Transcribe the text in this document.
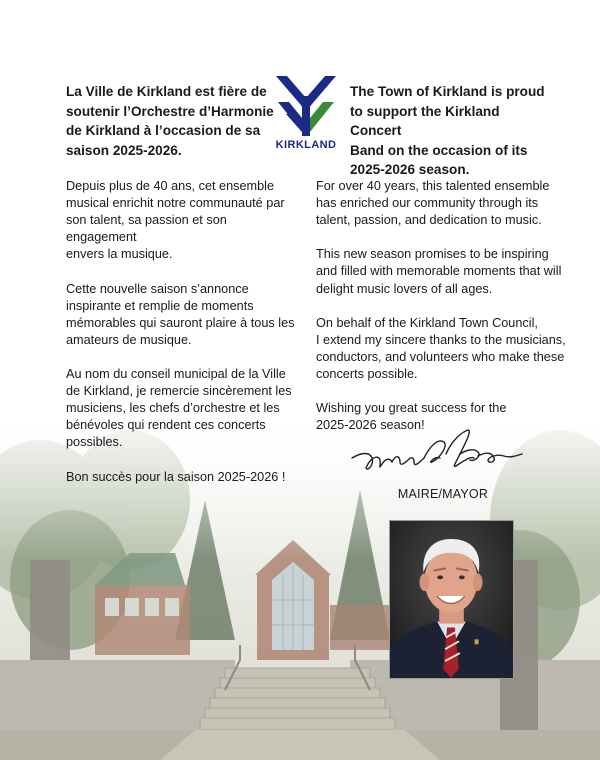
La Ville de Kirkland est fière de
soutenir l’Orchestre d’Harmonie
de Kirkland à l’occasion de sa
saison 2025-2026.	KIRKLAND
The Town of Kirkland is proud
to support the Kirkland Concert
Band on the occasion of its
2025-2026 season.

Depuis plus de 40 ans, cet ensemble
musical enrichit notre communauté par
son talent, sa passion et son engagement
envers la musique.

Cette nouvelle saison s’annonce
inspirante et remplie de moments
mémorables qui sauront plaire à tous les
amateurs de musique.

Au nom du conseil municipal de la Ville
de Kirkland, je remercie sincèrement les
musiciens, les chefs d’orchestre et les
bénévoles qui rendent ces concerts
possibles.

Bon succès pour la saison 2025-2026 !

For over 40 years, this talented ensemble
has enriched our community through its
talent, passion, and dedication to music.

This new season promises to be inspiring
and filled with memorable moments that will
delight music lovers of all ages.

On behalf of the Kirkland Town Council,
I extend my sincere thanks to the musicians,
conductors, and volunteers who make these
concerts possible.

Wishing you great success for the
2025-2026 season!

MAIRE/MAYOR
